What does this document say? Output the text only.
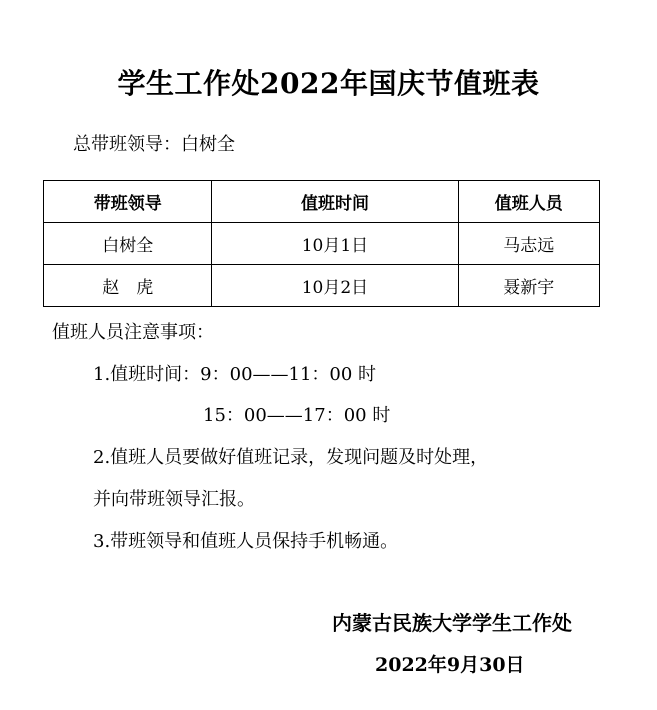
学生工作处2022年国庆节值班表
总带班领导：白树全
带班领导	值班时间	值班人员
白树全	10月1日	马志远
赵　虎	10月2日	聂新宇
值班人员注意事项：
1.值班时间：9：00——11：00 时
15：00——17：00 时
2.值班人员要做好值班记录，发现问题及时处理，
并向带班领导汇报。
3.带班领导和值班人员保持手机畅通。
内蒙古民族大学学生工作处
2022年9月30日
